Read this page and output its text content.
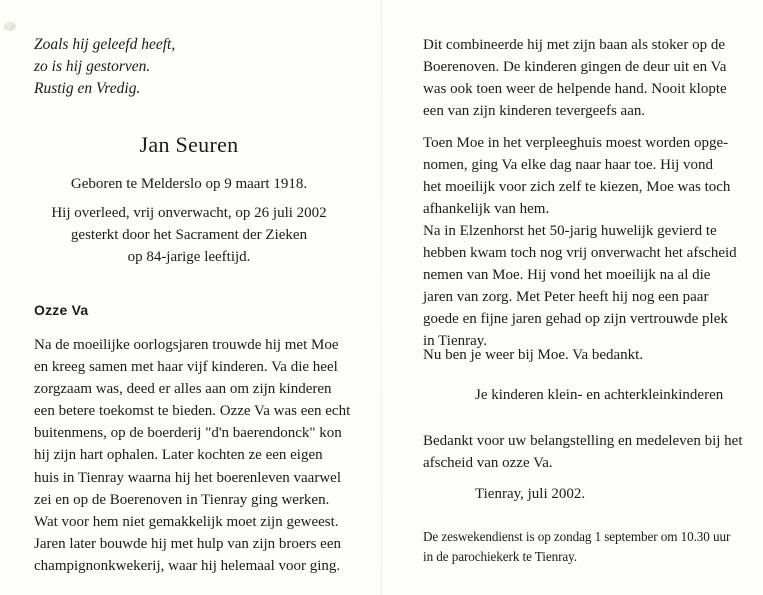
Zoals hij geleefd heeft,
zo is hij gestorven.
Rustig en Vredig.

Jan Seuren

Geboren te Melderslo op 9 maart 1918.

Hij overleed, vrij onverwacht, op 26 juli 2002
gesterkt door het Sacrament der Zieken
op 84-jarige leeftijd.

Ozze Va

Na de moeilijke oorlogsjaren trouwde hij met Moe
en kreeg samen met haar vijf kinderen. Va die heel
zorgzaam was, deed er alles aan om zijn kinderen
een betere toekomst te bieden. Ozze Va was een echt
buitenmens, op de boerderij "d'n baerendonck" kon
hij zijn hart ophalen. Later kochten ze een eigen
huis in Tienray waarna hij het boerenleven vaarwel
zei en op de Boerenoven in Tienray ging werken.
Wat voor hem niet gemakkelijk moet zijn geweest.
Jaren later bouwde hij met hulp van zijn broers een
champignonkwekerij, waar hij helemaal voor ging.

Dit combineerde hij met zijn baan als stoker op de
Boerenoven. De kinderen gingen de deur uit en Va
was ook toen weer de helpende hand. Nooit klopte
een van zijn kinderen tevergeefs aan.

Toen Moe in het verpleeghuis moest worden opge-
nomen, ging Va elke dag naar haar toe. Hij vond
het moeilijk voor zich zelf te kiezen, Moe was toch
afhankelijk van hem.

Na in Elzenhorst het 50-jarig huwelijk gevierd te
hebben kwam toch nog vrij onverwacht het afscheid
nemen van Moe. Hij vond het moeilijk na al die
jaren van zorg. Met Peter heeft hij nog een paar
goede en fijne jaren gehad op zijn vertrouwde plek
in Tienray.

Nu ben je weer bij Moe. Va bedankt.

Je kinderen klein- en achterkleinkinderen

Bedankt voor uw belangstelling en medeleven bij het
afscheid van ozze Va.

Tienray, juli 2002.

De zeswekendienst is op zondag 1 september om 10.30 uur
in de parochiekerk te Tienray.
